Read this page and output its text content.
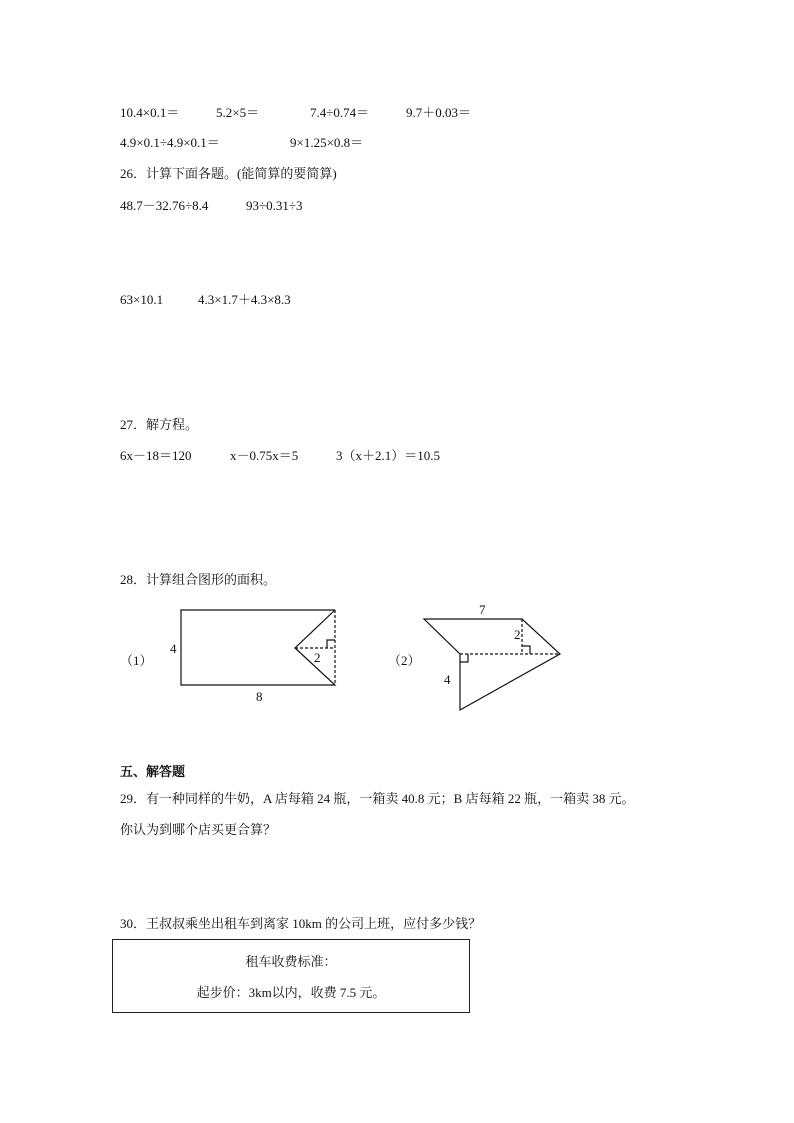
10.4×0.1＝	5.2×5＝	7.4÷0.74＝	9.7＋0.03＝
4.9×0.1÷4.9×0.1＝	9×1.25×0.8＝
26．计算下面各题。(能简算的要简算)
48.7－32.76÷8.4	93÷0.31÷3
63×10.1	4.3×1.7＋4.3×8.3
27．解方程。
6x－18＝120	x－0.75x＝5	3（x＋2.1）＝10.5
28．计算组合图形的面积。
（1）
4
2
8
（2）
7
2
4
五、解答题
29．有一种同样的牛奶，A 店每箱 24 瓶，一箱卖 40.8 元；B 店每箱 22 瓶，一箱卖 38 元。
你认为到哪个店买更合算？
30．王叔叔乘坐出租车到离家 10km 的公司上班，应付多少钱？
租车收费标准：
起步价：3km以内，收费 7.5 元。
